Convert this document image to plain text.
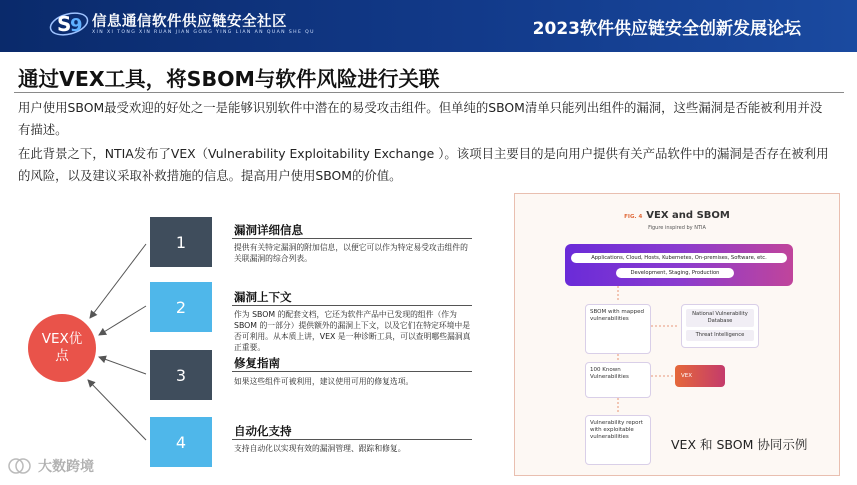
S
9 信息通信软件供应链安全社区
XIN XI TONG XIN RUAN JIAN GONG YING LIAN AN QUAN SHE QU	2023软件供应链安全创新发展论坛
通过VEX工具，将SBOM与软件风险进行关联
用户使用SBOM最受欢迎的好处之一是能够识别软件中潜在的易受攻击组件。但单纯的SBOM清单只能列出组件的漏洞，这些漏洞是否能被利用并没有描述。
在此背景之下，NTIA发布了VEX（Vulnerability Exploitability Exchange ）。该项目主要目的是向用户提供有关产品软件中的漏洞是否存在被利用的风险，以及建议采取补救措施的信息。提高用户使用SBOM的价值。
VEX优点
1
漏洞详细信息
提供有关特定漏洞的附加信息，以便它可以作为特定易受攻击组件的关联漏洞的综合列表。
2
漏洞上下文
作为 SBOM 的配套文档，它还为软件产品中已发现的组件（作为 SBOM 的一部分）提供额外的漏洞上下文，以及它们在特定环境中是否可利用。从本质上讲，VEX 是一种诊断工具，可以查明哪些漏洞真正重要。
3
修复指南
如果这些组件可被利用，建议使用可用的修复选项。
4
自动化支持
支持自动化以实现有效的漏洞管理、跟踪和修复。
FIG. 4 VEX and SBOM
Figure inspired by NTIA
Applications, Cloud, Hosts, Kubernetes, On-premises, Software, etc.
Development, Staging, Production
SBOM with mapped vulnerabilities
National Vulnerability Database
Threat Intelligence
100 Known Vulnerabilities	VEX
Vulnerability report with exploitable vulnerabilities	VEX 和 SBOM 协同示例
大数跨境
